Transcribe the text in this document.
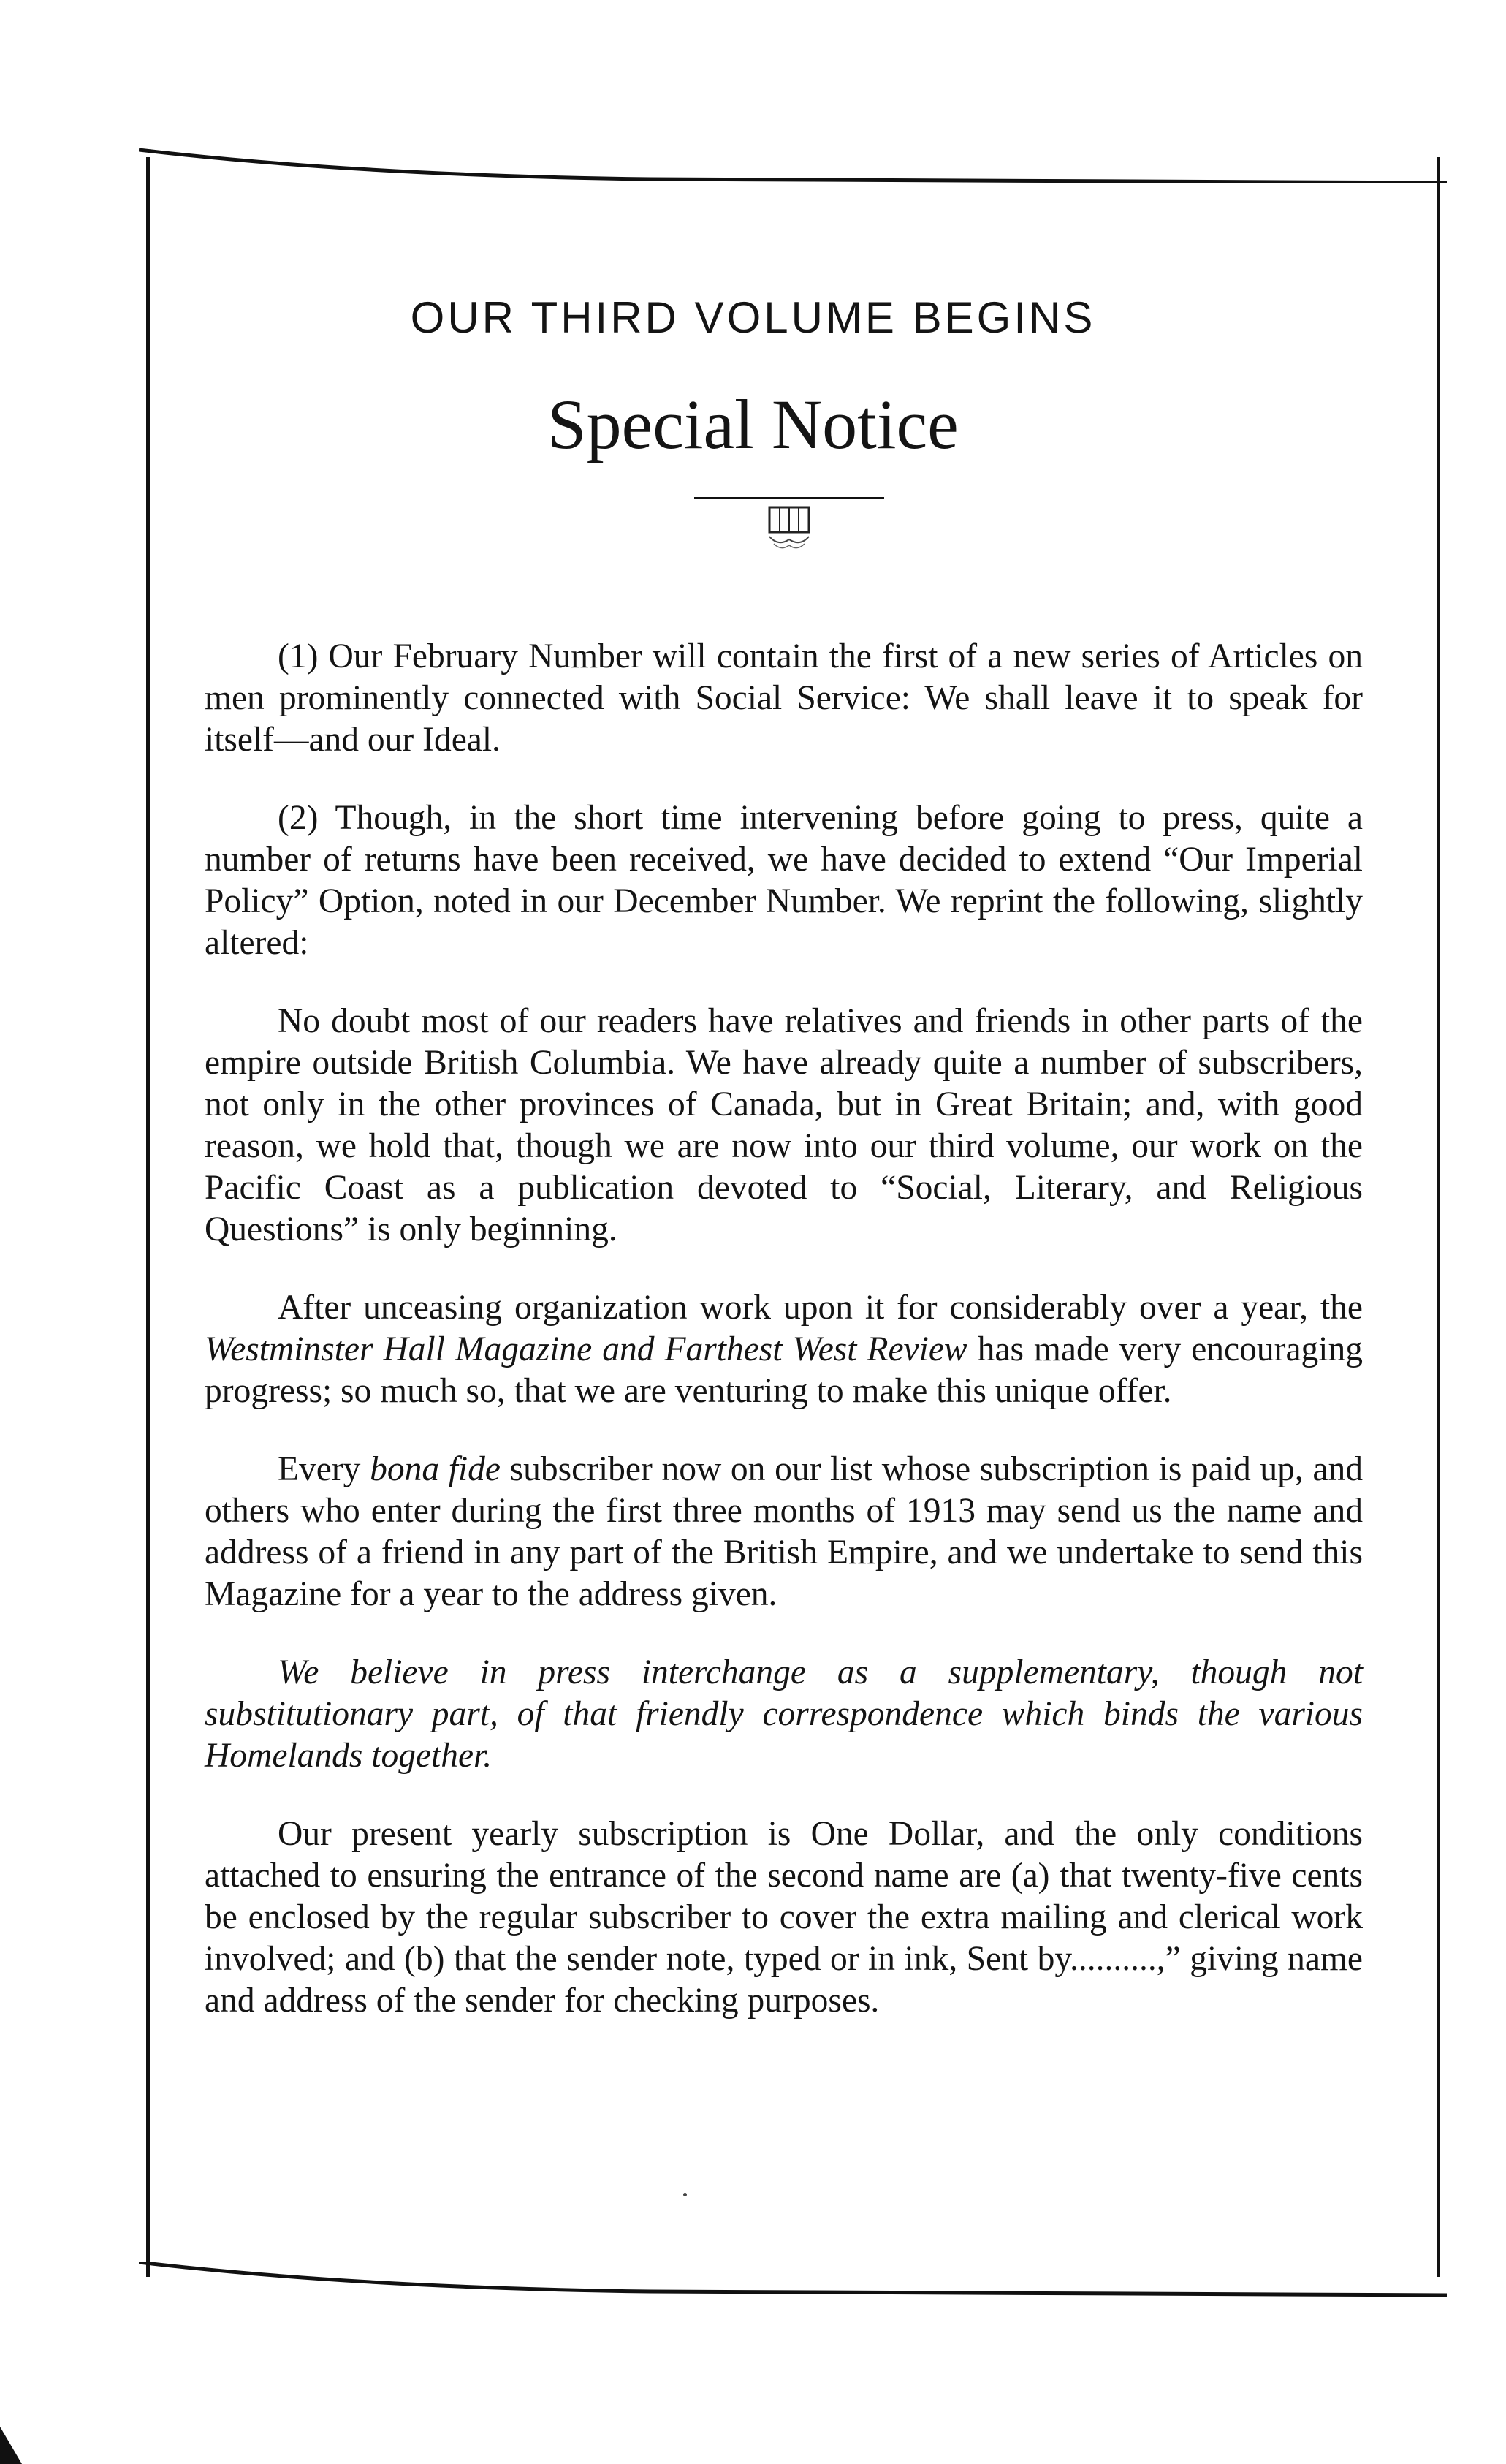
OUR THIRD VOLUME BEGINS
Special Notice

(1) Our February Number will contain the first of a new series of Articles on men prominently connected with Social Service: We shall leave it to speak for itself—and our Ideal.

(2) Though, in the short time intervening before going to press, quite a number of returns have been received, we have decided to extend “Our Imperial Policy” Option, noted in our December Number. We reprint the following, slightly altered:

No doubt most of our readers have relatives and friends in other parts of the empire outside British Columbia. We have already quite a number of subscribers, not only in the other provinces of Canada, but in Great Britain; and, with good reason, we hold that, though we are now into our third volume, our work on the Pacific Coast as a publication devoted to “Social, Literary, and Religious Questions” is only beginning.

After unceasing organization work upon it for considerably over a year, the Westminster Hall Magazine and Farthest West Review has made very encouraging progress; so much so, that we are venturing to make this unique offer.

Every bona fide subscriber now on our list whose subscription is paid up, and others who enter during the first three months of 1913 may send us the name and address of a friend in any part of the British Empire, and we undertake to send this Magazine for a year to the address given.

We believe in press interchange as a supplementary, though not substitutionary part, of that friendly correspondence which binds the various Homelands together.

Our present yearly subscription is One Dollar, and the only conditions attached to ensuring the entrance of the second name are (a) that twenty-five cents be enclosed by the regular subscriber to cover the extra mailing and clerical work involved; and (b) that the sender note, typed or in ink, Sent by..........,” giving name and address of the sender for checking purposes.
